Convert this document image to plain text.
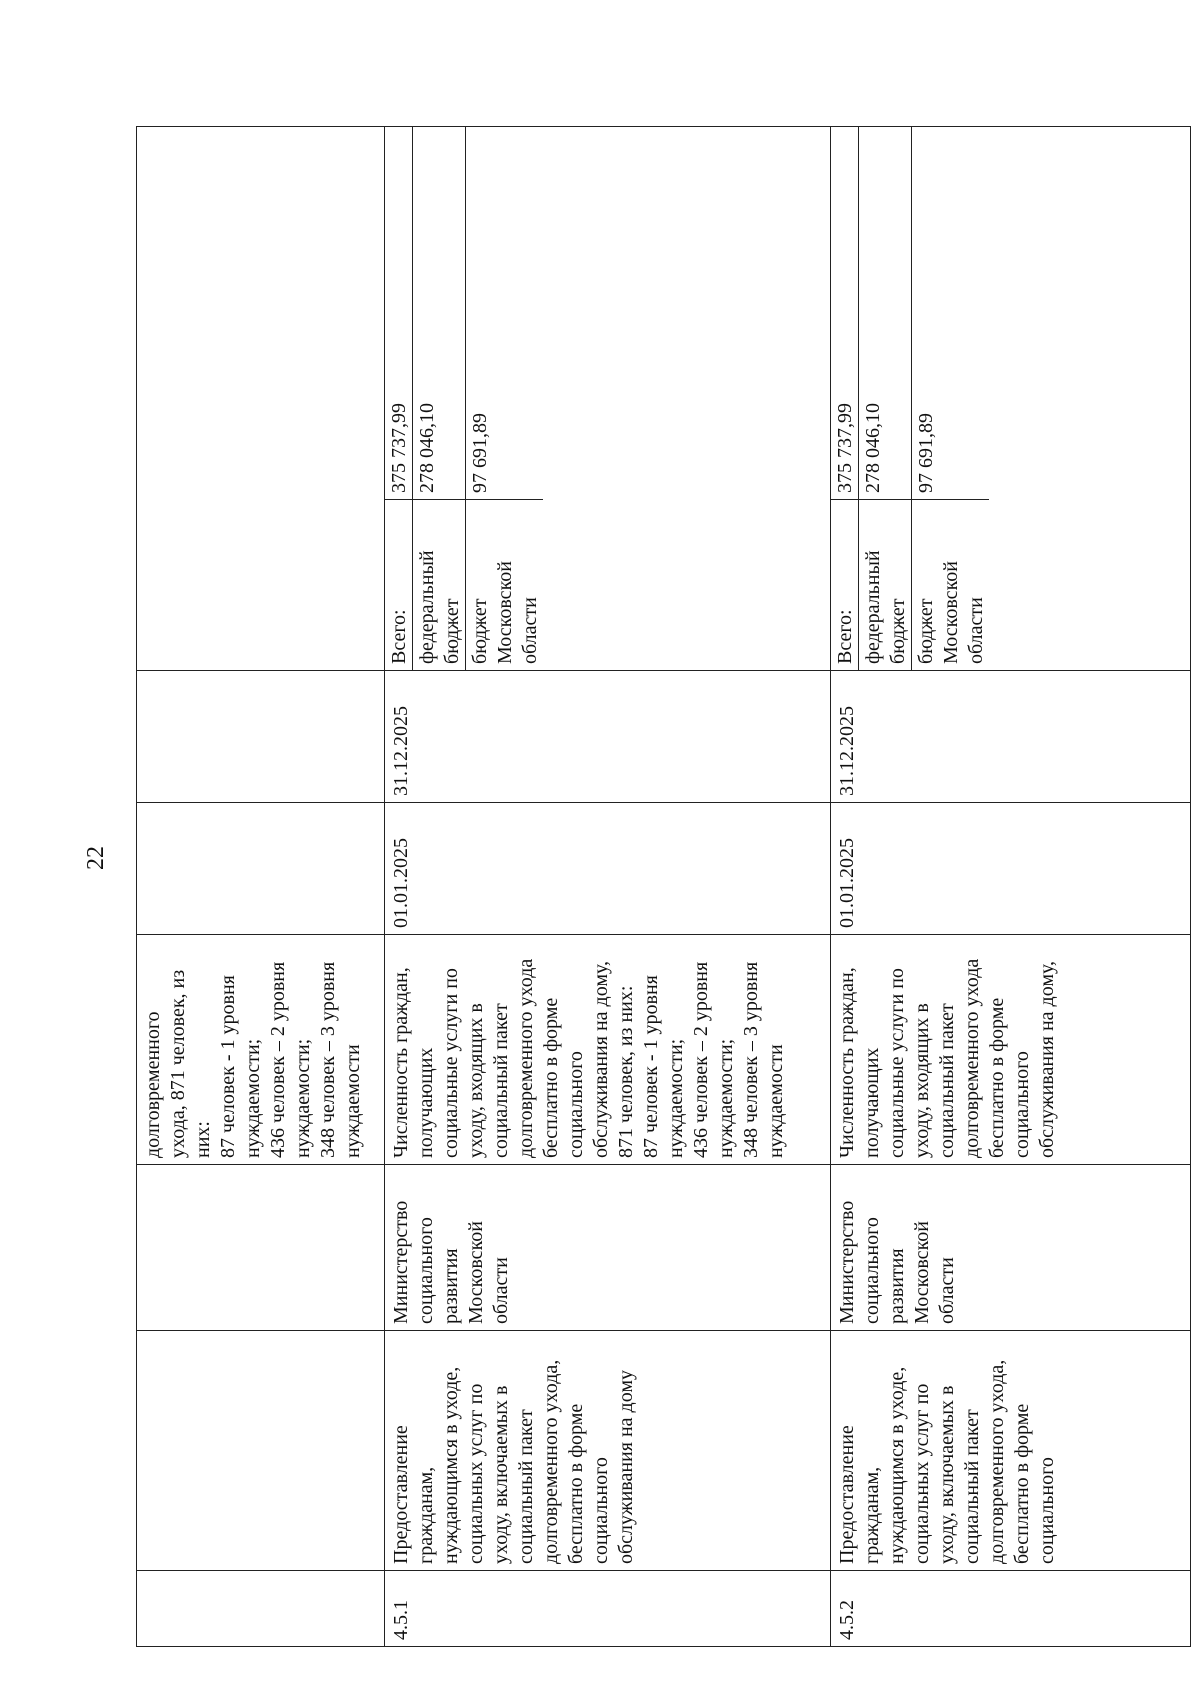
22
			долговременного
ухода, 871 человек, из
них:
87 человек - 1 уровня
нуждаемости;
436 человек – 2 уровня
нуждаемости;
348 человек – 3 уровня
нуждаемости			
4.5.1	Предоставление
гражданам,
нуждающимся в уходе,
социальных услуг по
уходу, включаемых в
социальный пакет
долговременного ухода,
бесплатно в форме
социального
обслуживания на дому	Министерство
социального
развития
Московской
области	Численность граждан,
получающих
социальные услуги по
уходу, входящих в
социальный пакет
долговременного ухода
бесплатно в форме
социального
обслуживания на дому,
871 человек, из них:
87 человек - 1 уровня
нуждаемости;
436 человек – 2 уровня
нуждаемости;
348 человек – 3 уровня
нуждаемости	01.01.2025	31.12.2025	
Всего:	375 737,99
федеральный
бюджет	278 046,10
бюджет
Московской
области	97 691,89

4.5.2	Предоставление
гражданам,
нуждающимся в уходе,
социальных услуг по
уходу, включаемых в
социальный пакет
долговременного ухода,
бесплатно в форме
социального	Министерство
социального
развития
Московской
области	Численность граждан,
получающих
социальные услуги по
уходу, входящих в
социальный пакет
долговременного ухода
бесплатно в форме
социального
обслуживания на дому,	01.01.2025	31.12.2025	
Всего:	375 737,99
федеральный
бюджет	278 046,10
бюджет
Московской
области	97 691,89
